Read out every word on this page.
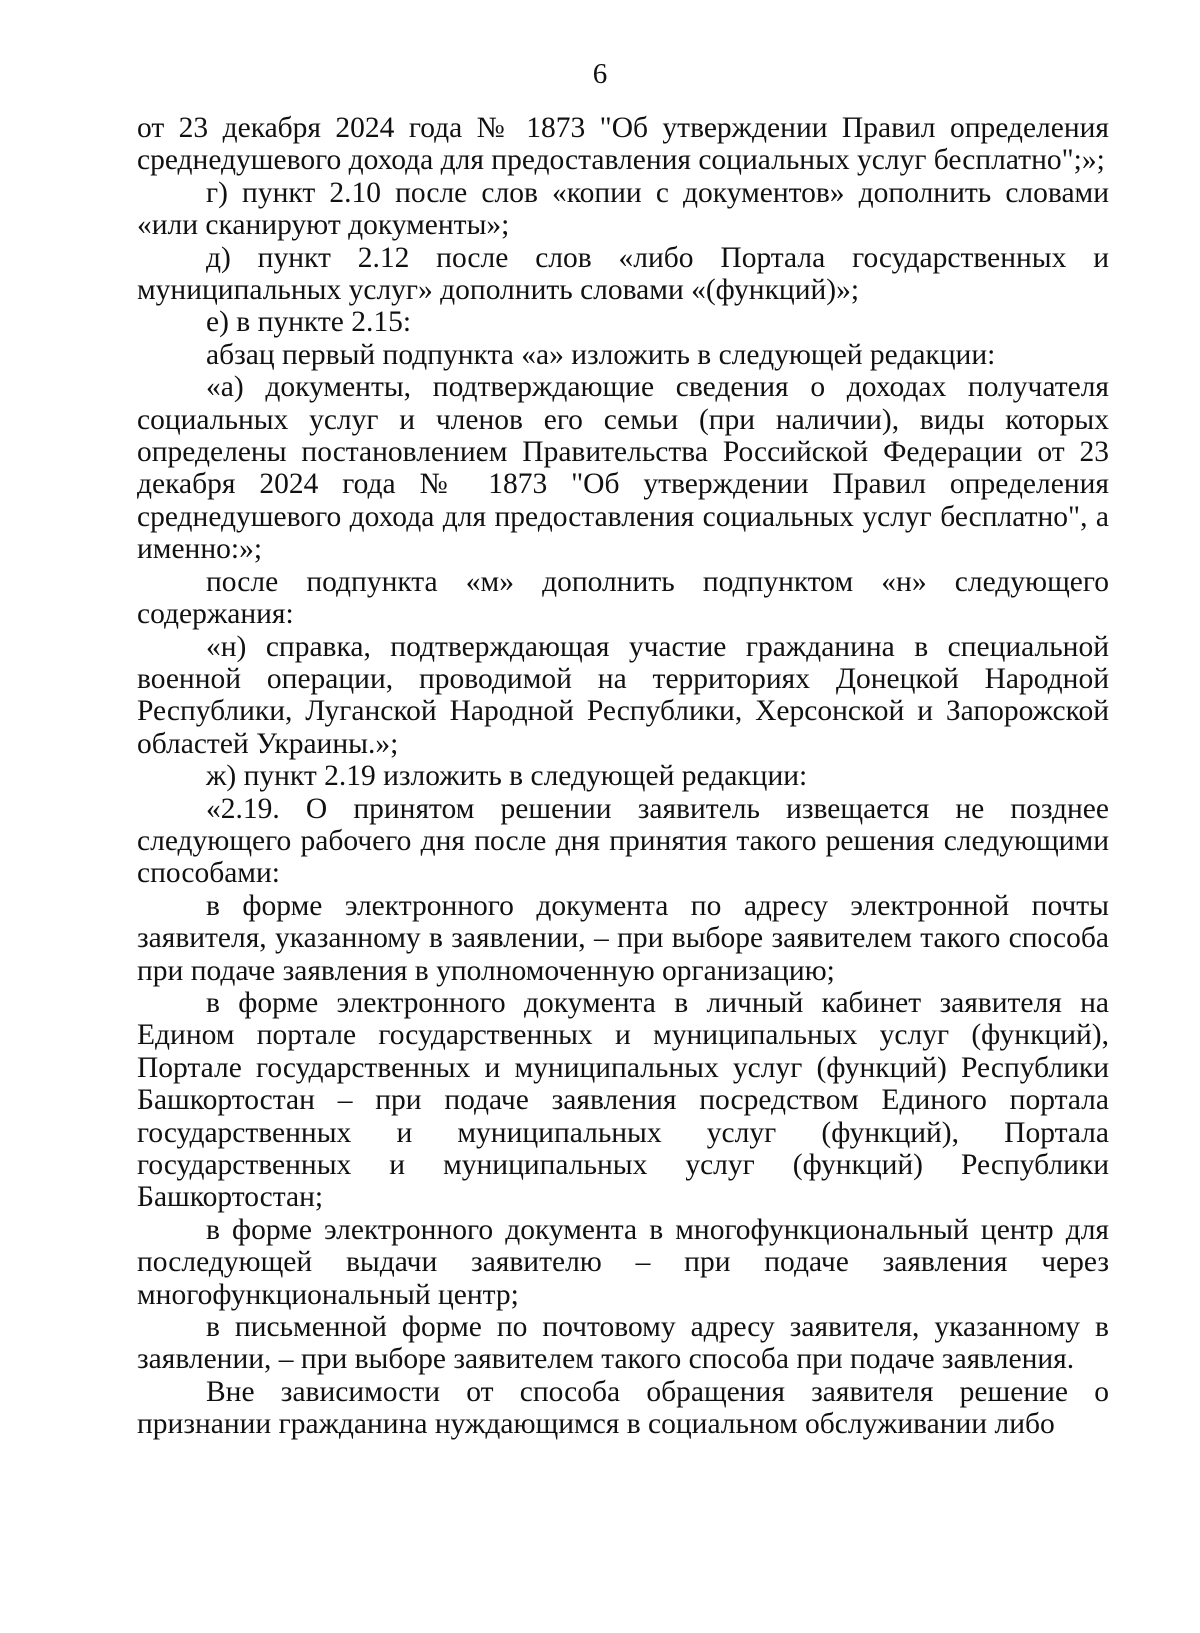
6

от 23 декабря 2024 года № 1873 "Об утверждении Правил определения среднедушевого дохода для предоставления социальных услуг бесплатно";»;

г) пункт 2.10 после слов «копии с документов» дополнить словами «или сканируют документы»;

д) пункт 2.12 после слов «либо Портала государственных и муниципальных услуг» дополнить словами «(функций)»;

е) в пункте 2.15:

абзац первый подпункта «а» изложить в следующей редакции:

«а) документы, подтверждающие сведения о доходах получателя социальных услуг и членов его семьи (при наличии), виды которых определены постановлением Правительства Российской Федерации от 23 декабря 2024 года № 1873 "Об утверждении Правил определения среднедушевого дохода для предоставления социальных услуг бесплатно", а именно:»;

после подпункта «м» дополнить подпунктом «н» следующего содержания:

«н) справка, подтверждающая участие гражданина в специальной военной операции, проводимой на территориях Донецкой Народной Республики, Луганской Народной Республики, Херсонской и Запорожской областей Украины.»;

ж) пункт 2.19 изложить в следующей редакции:

«2.19. О принятом решении заявитель извещается не позднее следующего рабочего дня после дня принятия такого решения следующими способами:

в форме электронного документа по адресу электронной почты заявителя, указанному в заявлении, – при выборе заявителем такого способа при подаче заявления в уполномоченную организацию;

в форме электронного документа в личный кабинет заявителя на Едином портале государственных и муниципальных услуг (функций), Портале государственных и муниципальных услуг (функций) Республики Башкортостан – при подаче заявления посредством Единого портала государственных и муниципальных услуг (функций), Портала государственных и муниципальных услуг (функций) Республики Башкортостан;

в форме электронного документа в многофункциональный центр для последующей выдачи заявителю – при подаче заявления через многофункциональный центр;

в письменной форме по почтовому адресу заявителя, указанному в заявлении, – при выборе заявителем такого способа при подаче заявления.

Вне зависимости от способа обращения заявителя решение о признании гражданина нуждающимся в социальном обслуживании либо
